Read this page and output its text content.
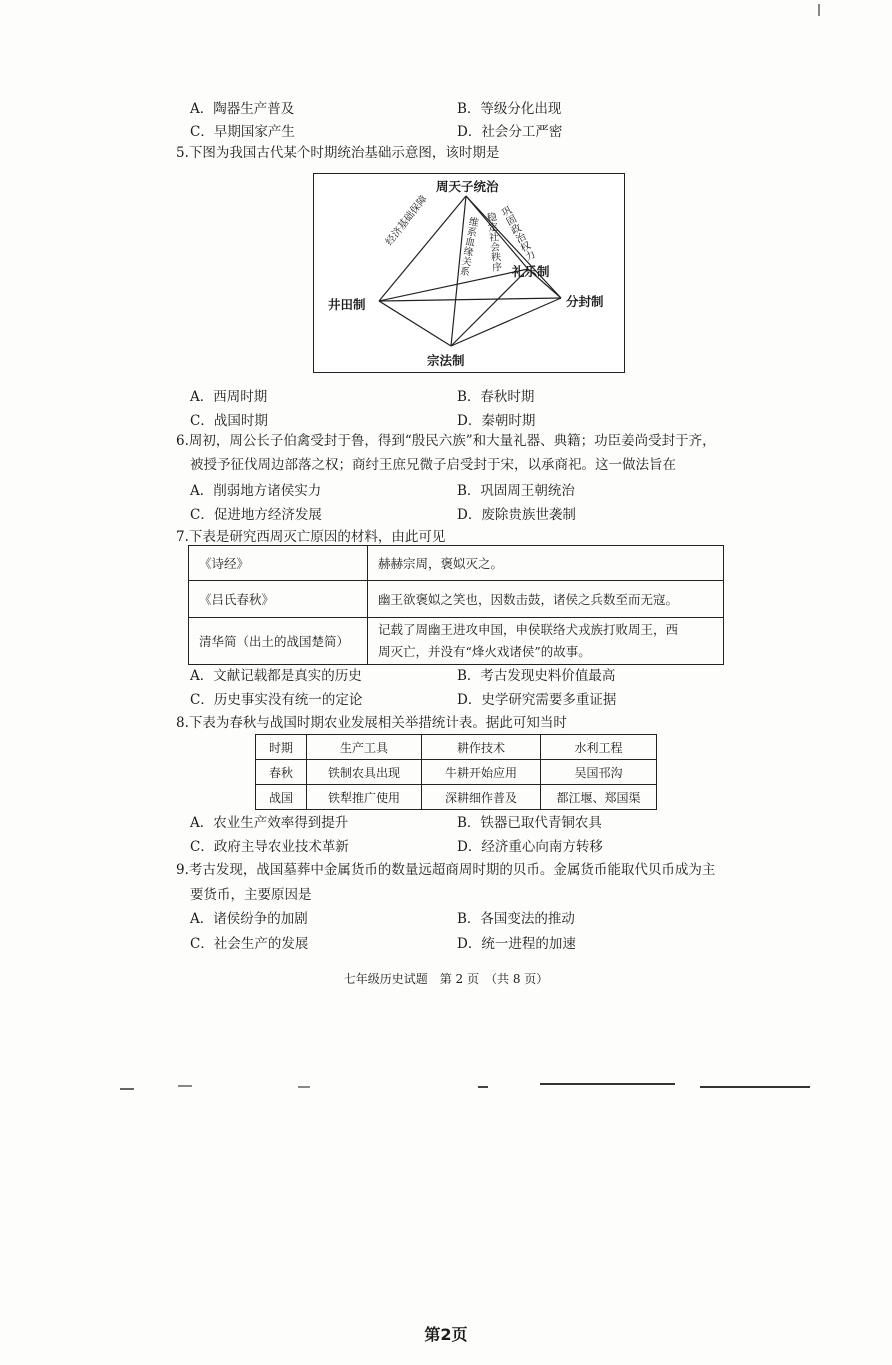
A．陶器生产普及	B．等级分化出现
C．早期国家产生	D．社会分工严密
5.下图为我国古代某个时期统治基础示意图，该时期是
周天子统治
井田制
宗法制
分封制
礼乐制
经济基础保障	维系血缘关系 稳定社会秩序
巩固政治权力
A．西周时期	B．春秋时期
C．战国时期	D．秦朝时期
6.周初，周公长子伯禽受封于鲁，得到“殷民六族”和大量礼器、典籍；功臣姜尚受封于齐，
被授予征伐周边部落之权；商纣王庶兄微子启受封于宋，以承商祀。这一做法旨在
A．削弱地方诸侯实力	B．巩固周王朝统治
C．促进地方经济发展	D．废除贵族世袭制
7.下表是研究西周灭亡原因的材料，由此可见
《诗经》	赫赫宗周，褒姒灭之。
《吕氏春秋》	幽王欲褒姒之笑也，因数击鼓，诸侯之兵数至而无寇。
清华简（出土的战国楚简）	记载了周幽王进攻申国，申侯联络犬戎族打败周王，西
周灭亡，并没有“烽火戏诸侯”的故事。
A．文献记载都是真实的历史	B．考古发现史料价值最高
C．历史事实没有统一的定论	D．史学研究需要多重证据
8.下表为春秋与战国时期农业发展相关举措统计表。据此可知当时
时期	生产工具	耕作技术	水利工程
春秋	铁制农具出现	牛耕开始应用	吴国邗沟
战国	铁犁推广使用	深耕细作普及	都江堰、郑国渠
A．农业生产效率得到提升	B．铁器已取代青铜农具
C．政府主导农业技术革新	D．经济重心向南方转移
9.考古发现，战国墓葬中金属货币的数量远超商周时期的贝币。金属货币能取代贝币成为主
要货币，主要原因是
A．诸侯纷争的加剧	B．各国变法的推动
C．社会生产的发展	D．统一进程的加速
七年级历史试题　第 2 页　（共 8 页）
第2页
